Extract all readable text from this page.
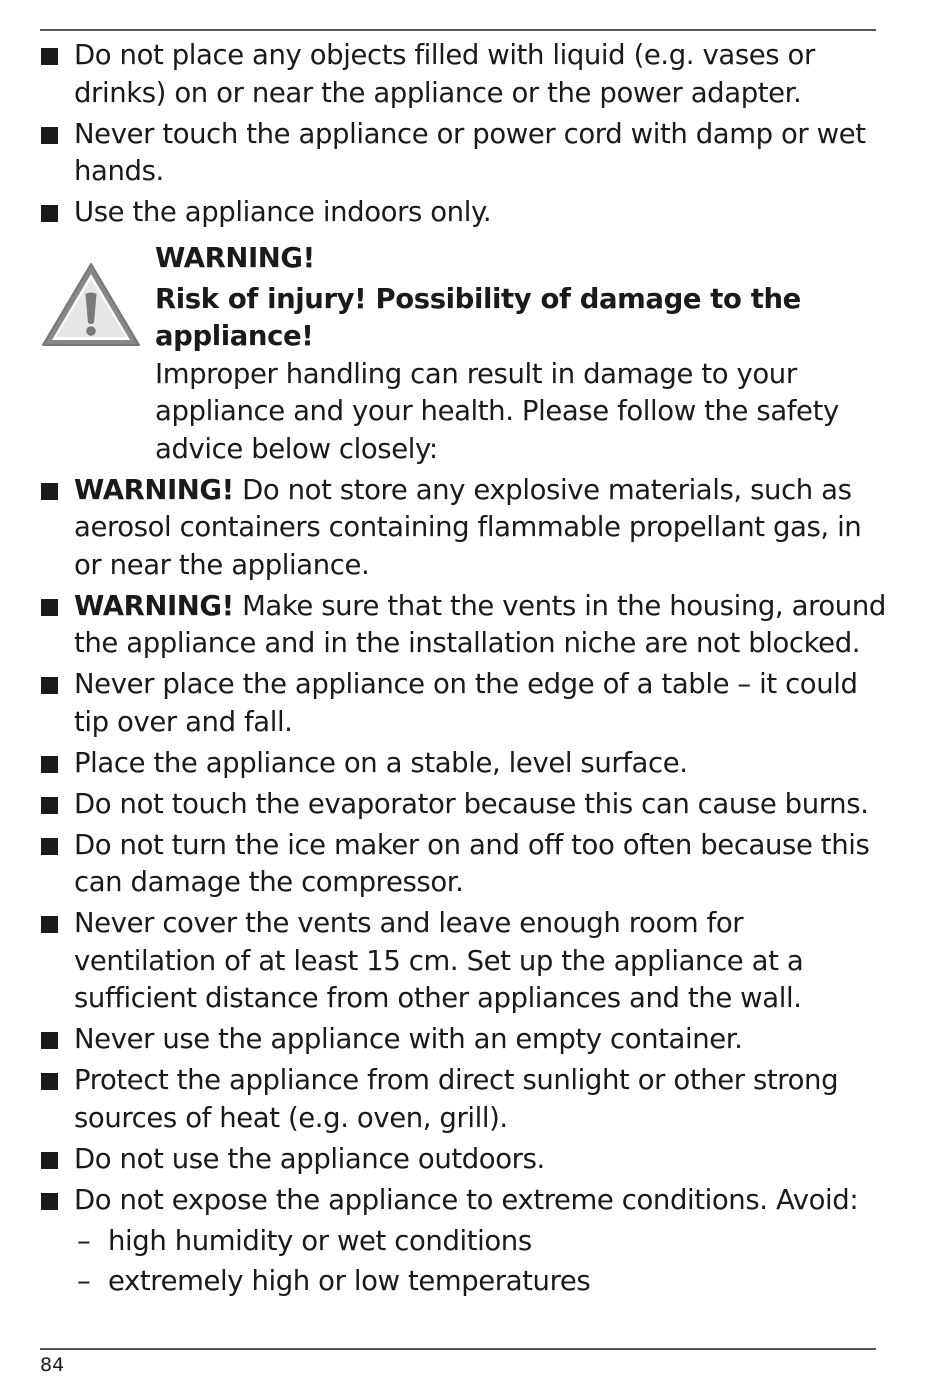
Do not place any objects filled with liquid (e.g. vases or drinks) on or near the appliance or the power adapter.
Never touch the appliance or power cord with damp or wet hands.
Use the appliance indoors only.
WARNING!
Risk of injury! Possibility of damage to the appliance!
Improper handling can result in damage to your appliance and your health. Please follow the safety advice below closely:
WARNING! Do not store any explosive materials, such as aerosol containers containing flammable propellant gas, in or near the appliance.
WARNING! Make sure that the vents in the housing, around the appliance and in the installation niche are not blocked.
Never place the appliance on the edge of a table – it could tip over and fall.
Place the appliance on a stable, level surface.
Do not touch the evaporator because this can cause burns.
Do not turn the ice maker on and off too often because this can damage the compressor.
Never cover the vents and leave enough room for ventilation of at least 15 cm. Set up the appliance at a sufficient distance from other appliances and the wall.
Never use the appliance with an empty container.
Protect the appliance from direct sunlight or other strong sources of heat (e.g. oven, grill).
Do not use the appliance outdoors.
Do not expose the appliance to extreme conditions. Avoid:
– high humidity or wet conditions
– extremely high or low temperatures
84
